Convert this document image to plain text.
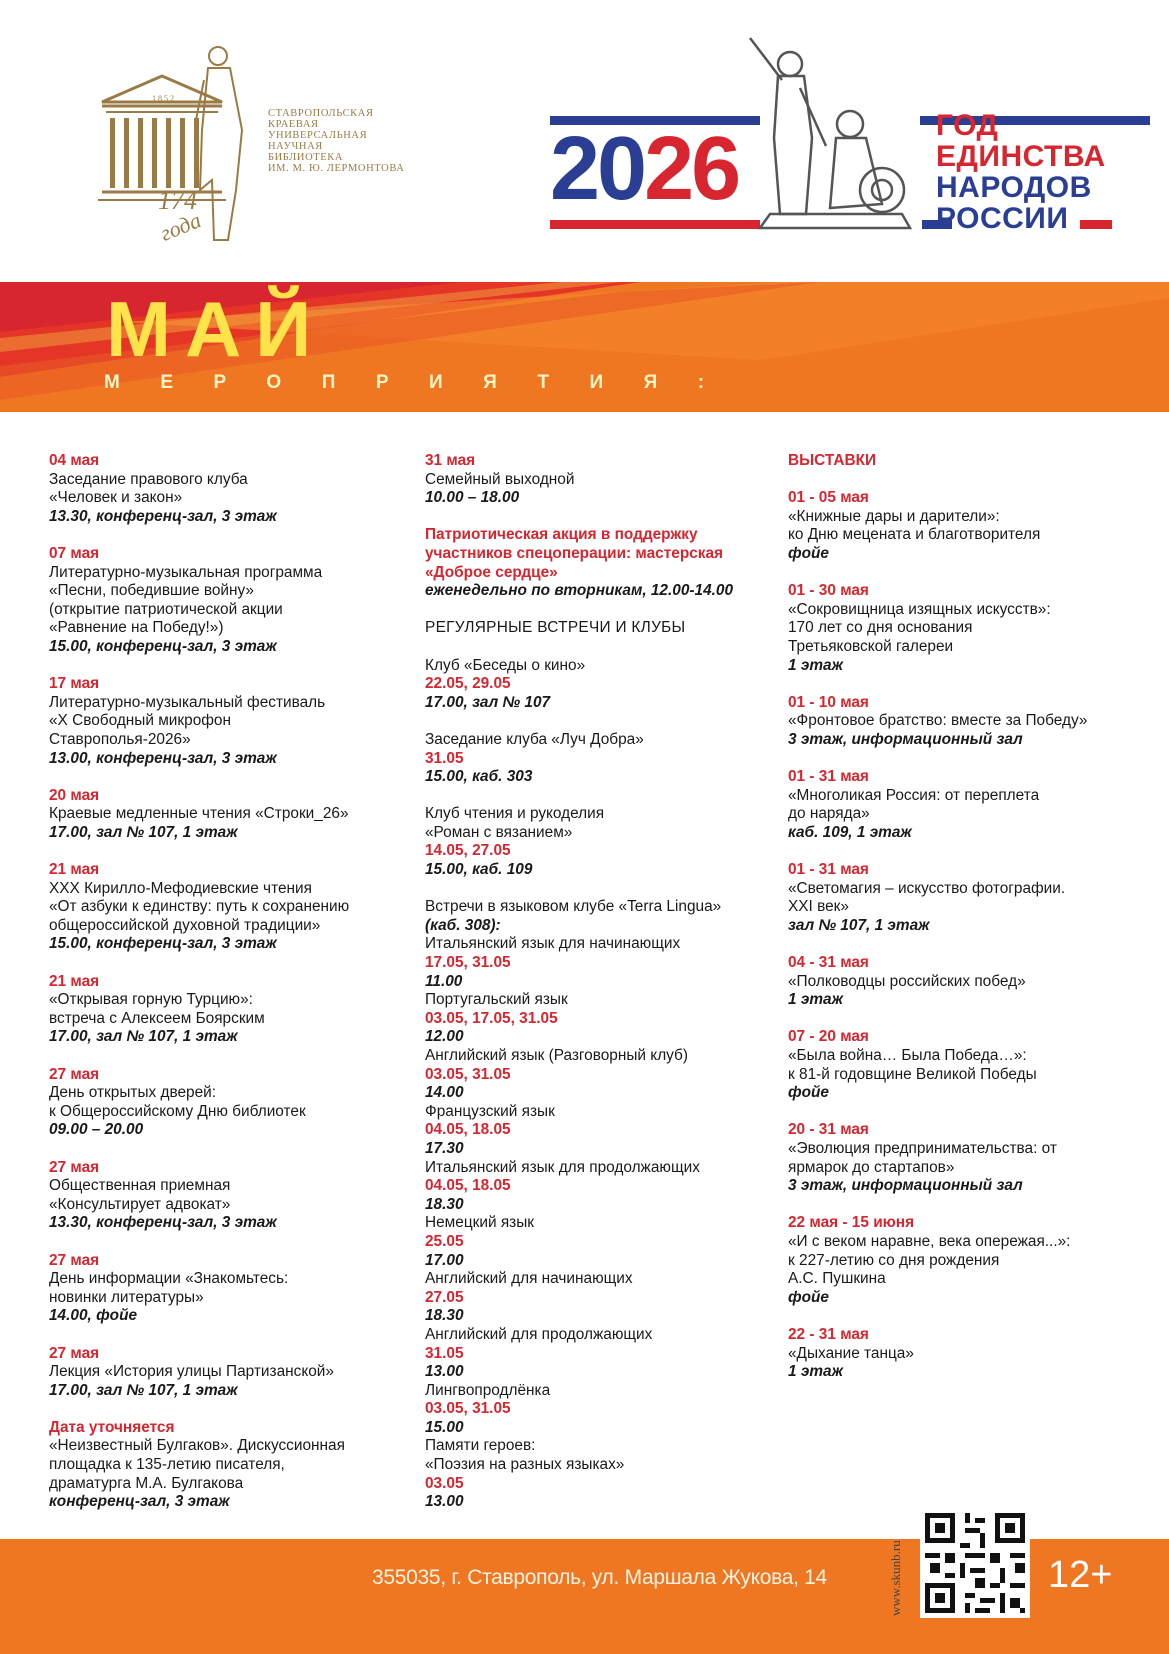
1852
СТАВРОПОЛЬСКАЯ
КРАЕВАЯ
УНИВЕРСАЛЬНАЯ
НАУЧНАЯ
БИБЛИОТЕКА
ИМ. М. Ю. ЛЕРМОНТОВА
174
года
2026	ГОД
ЕДИНСТВА
НАРОДОВ
РОССИИ
МАЙ
МЕРОПРИЯТИЯ:
04 мая
Заседание правового клуба
«Человек и закон»
13.30, конференц-зал, 3 этаж
07 мая
Литературно-музыкальная программа
«Песни, победившие войну»
(открытие патриотической акции
«Равнение на Победу!»)
15.00, конференц-зал, 3 этаж
17 мая
Литературно-музыкальный фестиваль
«X Свободный микрофон
Ставрополья-2026»
13.00, конференц-зал, 3 этаж
20 мая
Краевые медленные чтения «Строки_26»
17.00, зал № 107, 1 этаж
21 мая
XXX Кирилло-Мефодиевские чтения
«От азбуки к единству: путь к сохранению
общероссийской духовной традиции»
15.00, конференц-зал, 3 этаж
21 мая
«Открывая горную Турцию»:
встреча с Алексеем Боярским
17.00, зал № 107, 1 этаж
27 мая
День открытых дверей:
к Общероссийскому Дню библиотек
09.00 – 20.00
27 мая
Общественная приемная
«Консультирует адвокат»
13.30, конференц-зал, 3 этаж
27 мая
День информации «Знакомьтесь:
новинки литературы»
14.00, фойе
27 мая
Лекция «История улицы Партизанской»
17.00, зал № 107, 1 этаж
Дата уточняется
«Неизвестный Булгаков». Дискуссионная
площадка к 135-летию писателя,
драматурга М.А. Булгакова
конференц-зал, 3 этаж
31 мая
Семейный выходной
10.00 – 18.00
Патриотическая акция в поддержку
участников спецоперации: мастерская
«Доброе сердце»
еженедельно по вторникам, 12.00-14.00
РЕГУЛЯРНЫЕ ВСТРЕЧИ И КЛУБЫ
Клуб «Беседы о кино»
22.05, 29.05
17.00, зал № 107
Заседание клуба «Луч Добра»
31.05
15.00, каб. 303
Клуб чтения и рукоделия
«Роман с вязанием»
14.05, 27.05
15.00, каб. 109
Встречи в языковом клубе «Terra Lingua»
(каб. 308):
Итальянский язык для начинающих
17.05, 31.05
11.00
Португальский язык
03.05, 17.05, 31.05
12.00
Английский язык (Разговорный клуб)
03.05, 31.05
14.00
Французский язык
04.05, 18.05
17.30
Итальянский язык для продолжающих
04.05, 18.05
18.30
Немецкий язык
25.05
17.00
Английский для начинающих
27.05
18.30
Английский для продолжающих
31.05
13.00
Лингвопродлёнка
03.05, 31.05
15.00
Памяти героев:
«Поэзия на разных языках»
03.05
13.00
ВЫСТАВКИ
01 - 05 мая
«Книжные дары и дарители»:
ко Дню мецената и благотворителя
фойе
01 - 30 мая
«Сокровищница изящных искусств»:
170 лет со дня основания
Третьяковской галереи
1 этаж
01 - 10 мая
«Фронтовое братство: вместе за Победу»
3 этаж, информационный зал
01 - 31 мая
«Многоликая Россия: от переплета
до наряда»
каб. 109, 1 этаж
01 - 31 мая
«Светомагия – искусство фотографии.
XXI век»
зал № 107, 1 этаж
04 - 31 мая
«Полководцы российских побед»
1 этаж
07 - 20 мая
«Была война… Была Победа…»:
к 81-й годовщине Великой Победы
фойе
20 - 31 мая
«Эволюция предпринимательства: от
ярмарок до стартапов»
3 этаж, информационный зал
22 мая - 15 июня
«И с веком наравне, века опережая...»:
к 227-летию со дня рождения
А.С. Пушкина
фойе
22 - 31 мая
«Дыхание танца»
1 этаж
355035, г. Ставрополь, ул. Маршала Жукова, 14	www.skunb.ru	12+
